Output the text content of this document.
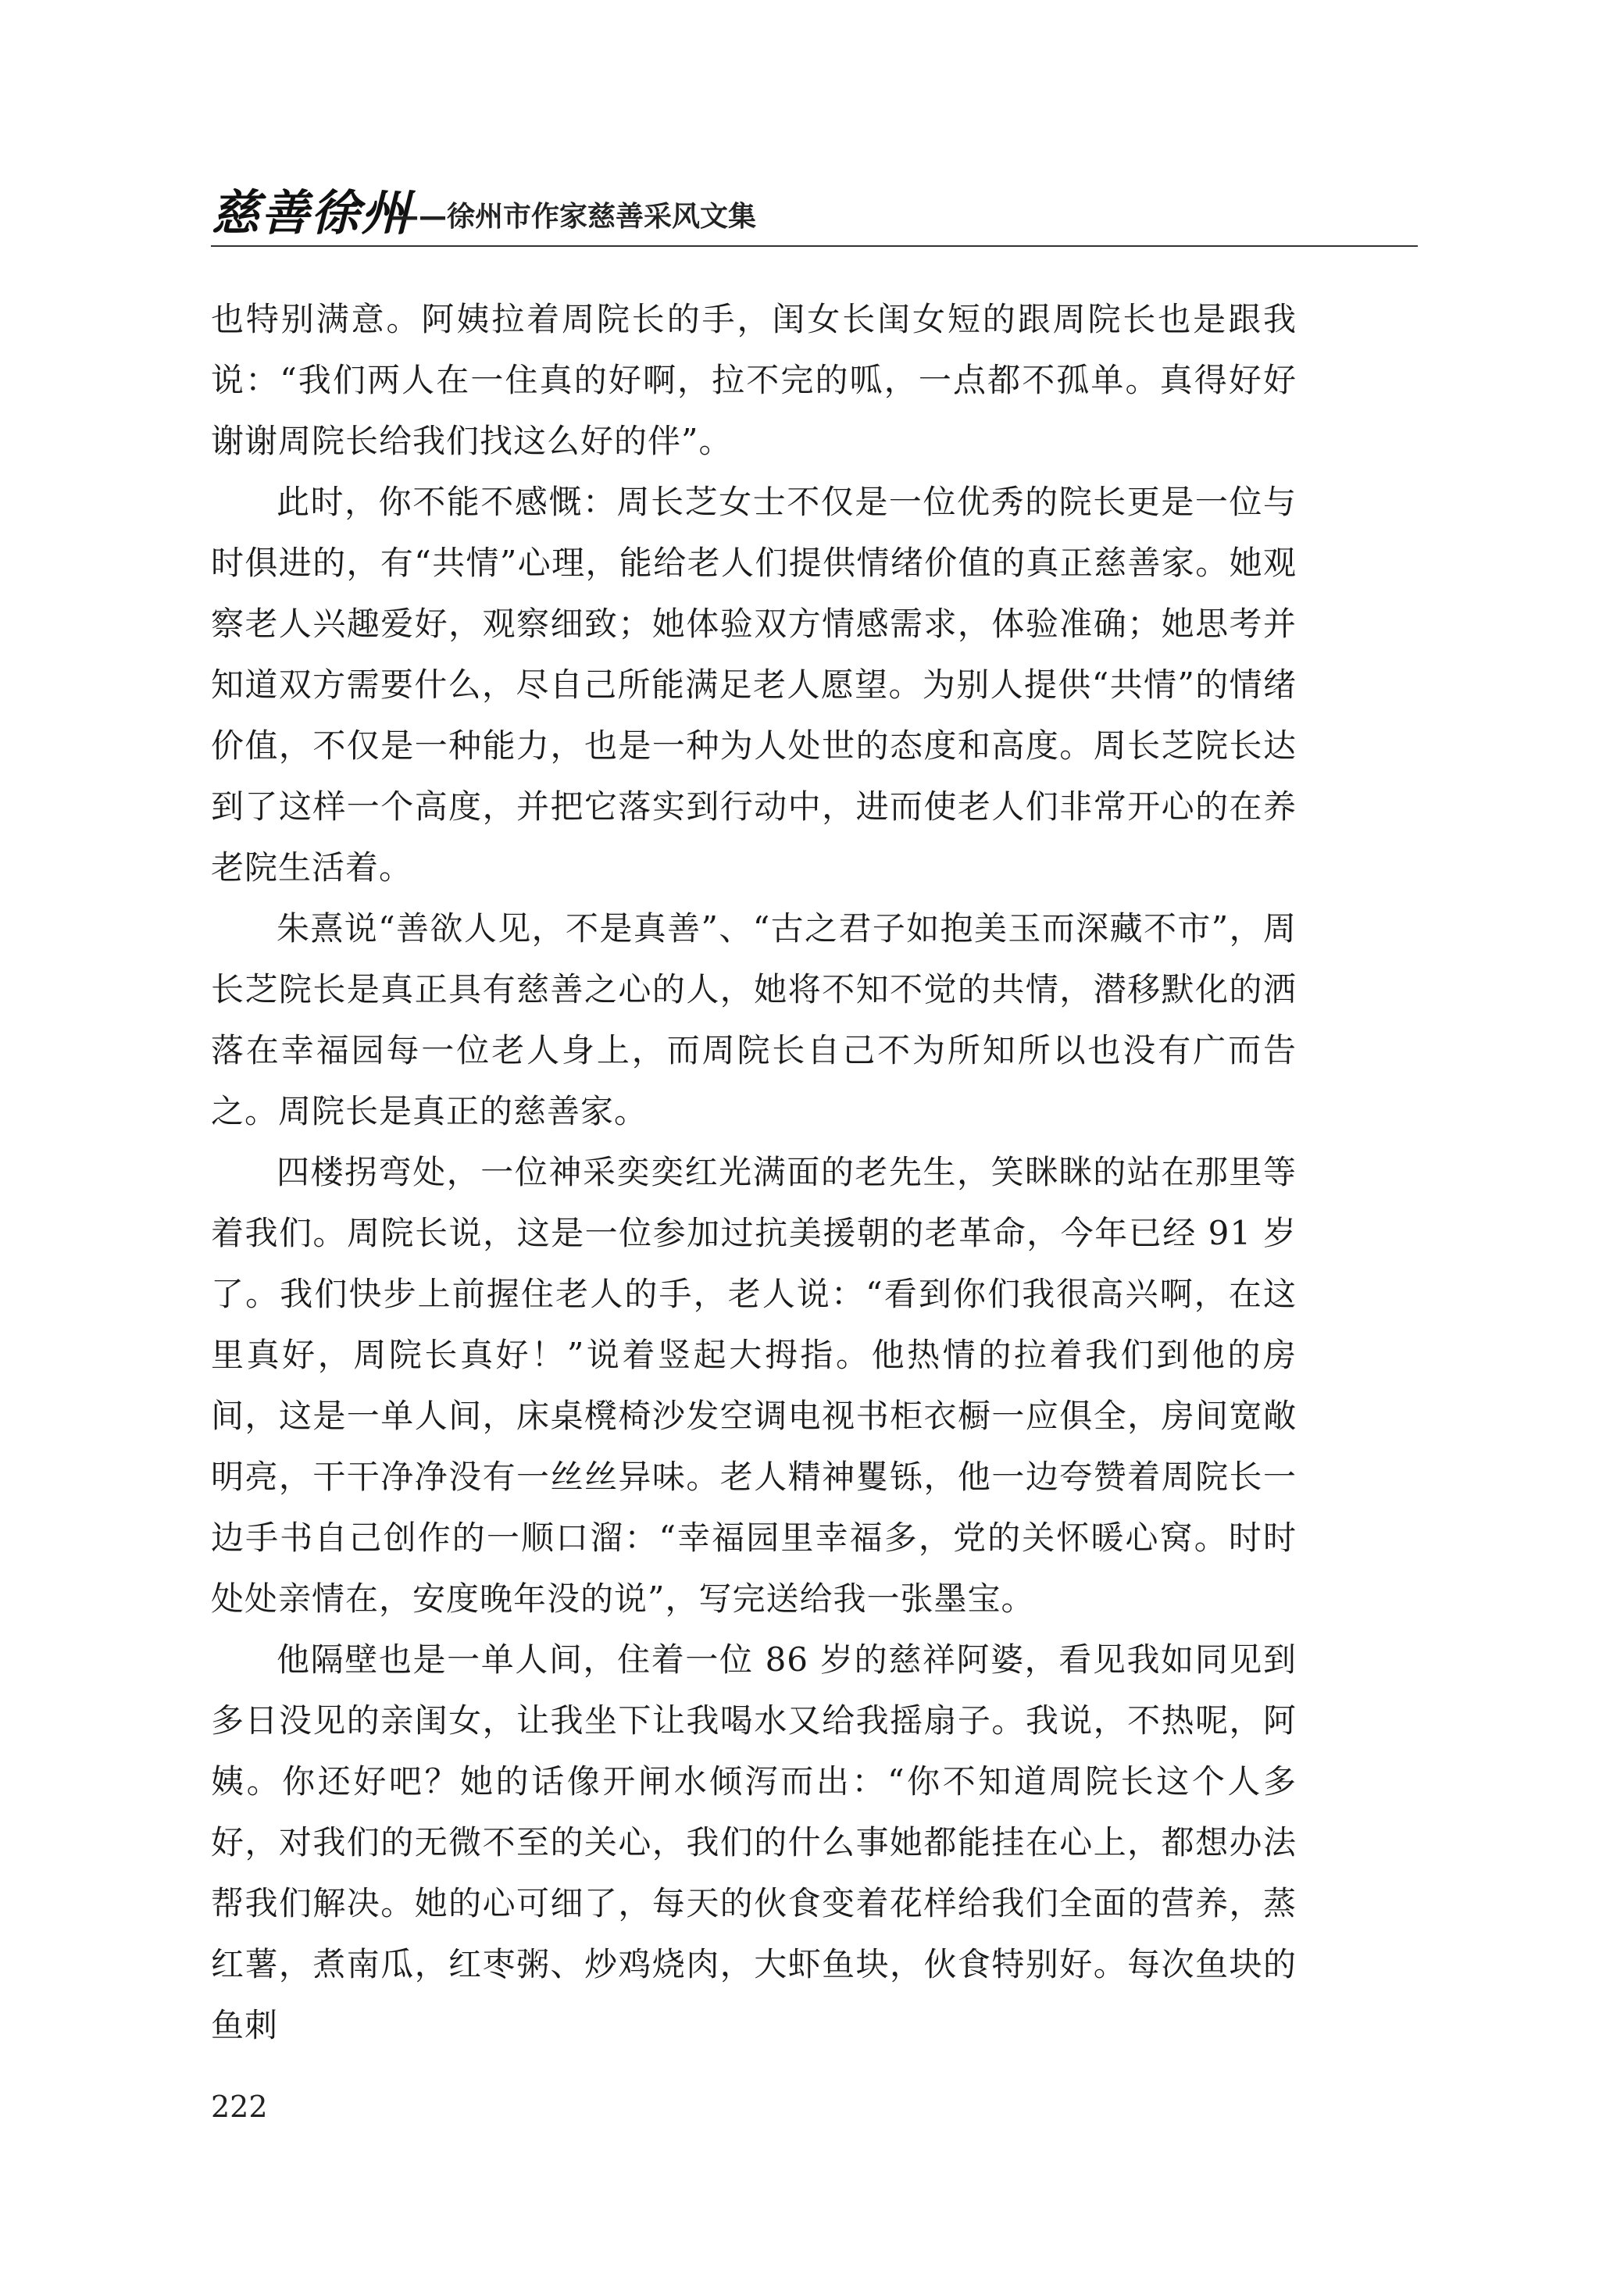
慈善徐州
——徐州市作家慈善采风文集

也特别满意。阿姨拉着周院长的手，闺女长闺女短的跟周院长也是跟我说：“我们两人在一住真的好啊，拉不完的呱，一点都不孤单。真得好好谢谢周院长给我们找这么好的伴”。

此时，你不能不感慨：周长芝女士不仅是一位优秀的院长更是一位与时俱进的，有“共情”心理，能给老人们提供情绪价值的真正慈善家。她观察老人兴趣爱好，观察细致；她体验双方情感需求，体验准确；她思考并知道双方需要什么，尽自己所能满足老人愿望。为别人提供“共情”的情绪价值，不仅是一种能力，也是一种为人处世的态度和高度。周长芝院长达到了这样一个高度，并把它落实到行动中，进而使老人们非常开心的在养老院生活着。

朱熹说“善欲人见，不是真善”、“古之君子如抱美玉而深藏不市”，周长芝院长是真正具有慈善之心的人，她将不知不觉的共情，潜移默化的洒落在幸福园每一位老人身上，而周院长自己不为所知所以也没有广而告之。周院长是真正的慈善家。

四楼拐弯处，一位神采奕奕红光满面的老先生，笑眯眯的站在那里等着我们。周院长说，这是一位参加过抗美援朝的老革命，今年已经 91 岁了。我们快步上前握住老人的手，老人说：“看到你们我很高兴啊，在这里真好，周院长真好！”说着竖起大拇指。他热情的拉着我们到他的房间，这是一单人间，床桌櫈椅沙发空调电视书柜衣橱一应俱全，房间宽敞明亮，干干净净没有一丝丝异味。老人精神矍铄，他一边夸赞着周院长一边手书自己创作的一顺口溜：“幸福园里幸福多，党的关怀暖心窝。时时处处亲情在，安度晚年没的说”，写完送给我一张墨宝。

他隔壁也是一单人间，住着一位 86 岁的慈祥阿婆，看见我如同见到多日没见的亲闺女，让我坐下让我喝水又给我摇扇子。我说，不热呢，阿姨。你还好吧？她的话像开闸水倾泻而出：“你不知道周院长这个人多好，对我们的无微不至的关心，我们的什么事她都能挂在心上，都想办法帮我们解决。她的心可细了，每天的伙食变着花样给我们全面的营养，蒸红薯，煮南瓜，红枣粥、炒鸡烧肉，大虾鱼块，伙食特别好。每次鱼块的鱼刺

222
